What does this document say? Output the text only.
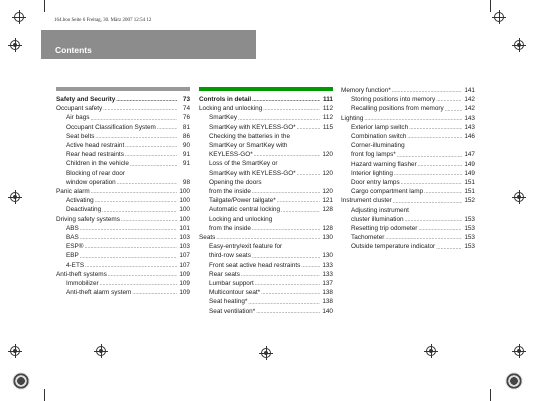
164.boo Seite 6 Freitag, 30. März 2007 12:54 12
Contents
Safety and Security .....	73
Occupant safety .....	74
Air bags .....	76
Occupant Classification System .....	81
Seat belts .....	86
Active head restraint .....	90
Rear head restraints .....	91
Children in the vehicle .....	91
Blocking of rear door
window operation .....	98
Panic alarm .....	100
Activating .....	100
Deactivating .....	100
Driving safety systems .....	100
ABS .....	101
BAS .....	103
ESP® .....	103
EBP .....	107
4-ETS .....	107
Anti-theft systems .....	109
Immobilizer .....	109
Anti-theft alarm system .....	109
Controls in detail .....	111
Locking and unlocking .....	112
SmartKey .....	112
SmartKey with KEYLESS-GO* .....	115
Checking the batteries in the
SmartKey or SmartKey with
KEYLESS-GO* .....	120
Loss of the SmartKey or
SmartKey with KEYLESS-GO* .....	120
Opening the doors
from the inside .....	120
Tailgate/Power tailgate* .....	121
Automatic central locking .....	128
Locking and unlocking
from the inside .....	128
Seats .....	130
Easy-entry/exit feature for
third-row seats .....	130
Front seat active head restraints .....	133
Rear seats .....	133
Lumbar support .....	137
Multicontour seat* .....	138
Seat heating* .....	138
Seat ventilation* .....	140
Memory function* .....	141
Storing positions into memory .....	142
Recalling positions from memory .....	142
Lighting .....	143
Exterior lamp switch .....	143
Combination switch .....	146
Corner-illuminating
front fog lamps* .....	147
Hazard warning flasher .....	149
Interior lighting .....	149
Door entry lamps .....	151
Cargo compartment lamp .....	151
Instrument cluster .....	152
Adjusting instrument
cluster illumination .....	153
Resetting trip odometer .....	153
Tachometer .....	153
Outside temperature indicator .....	153
